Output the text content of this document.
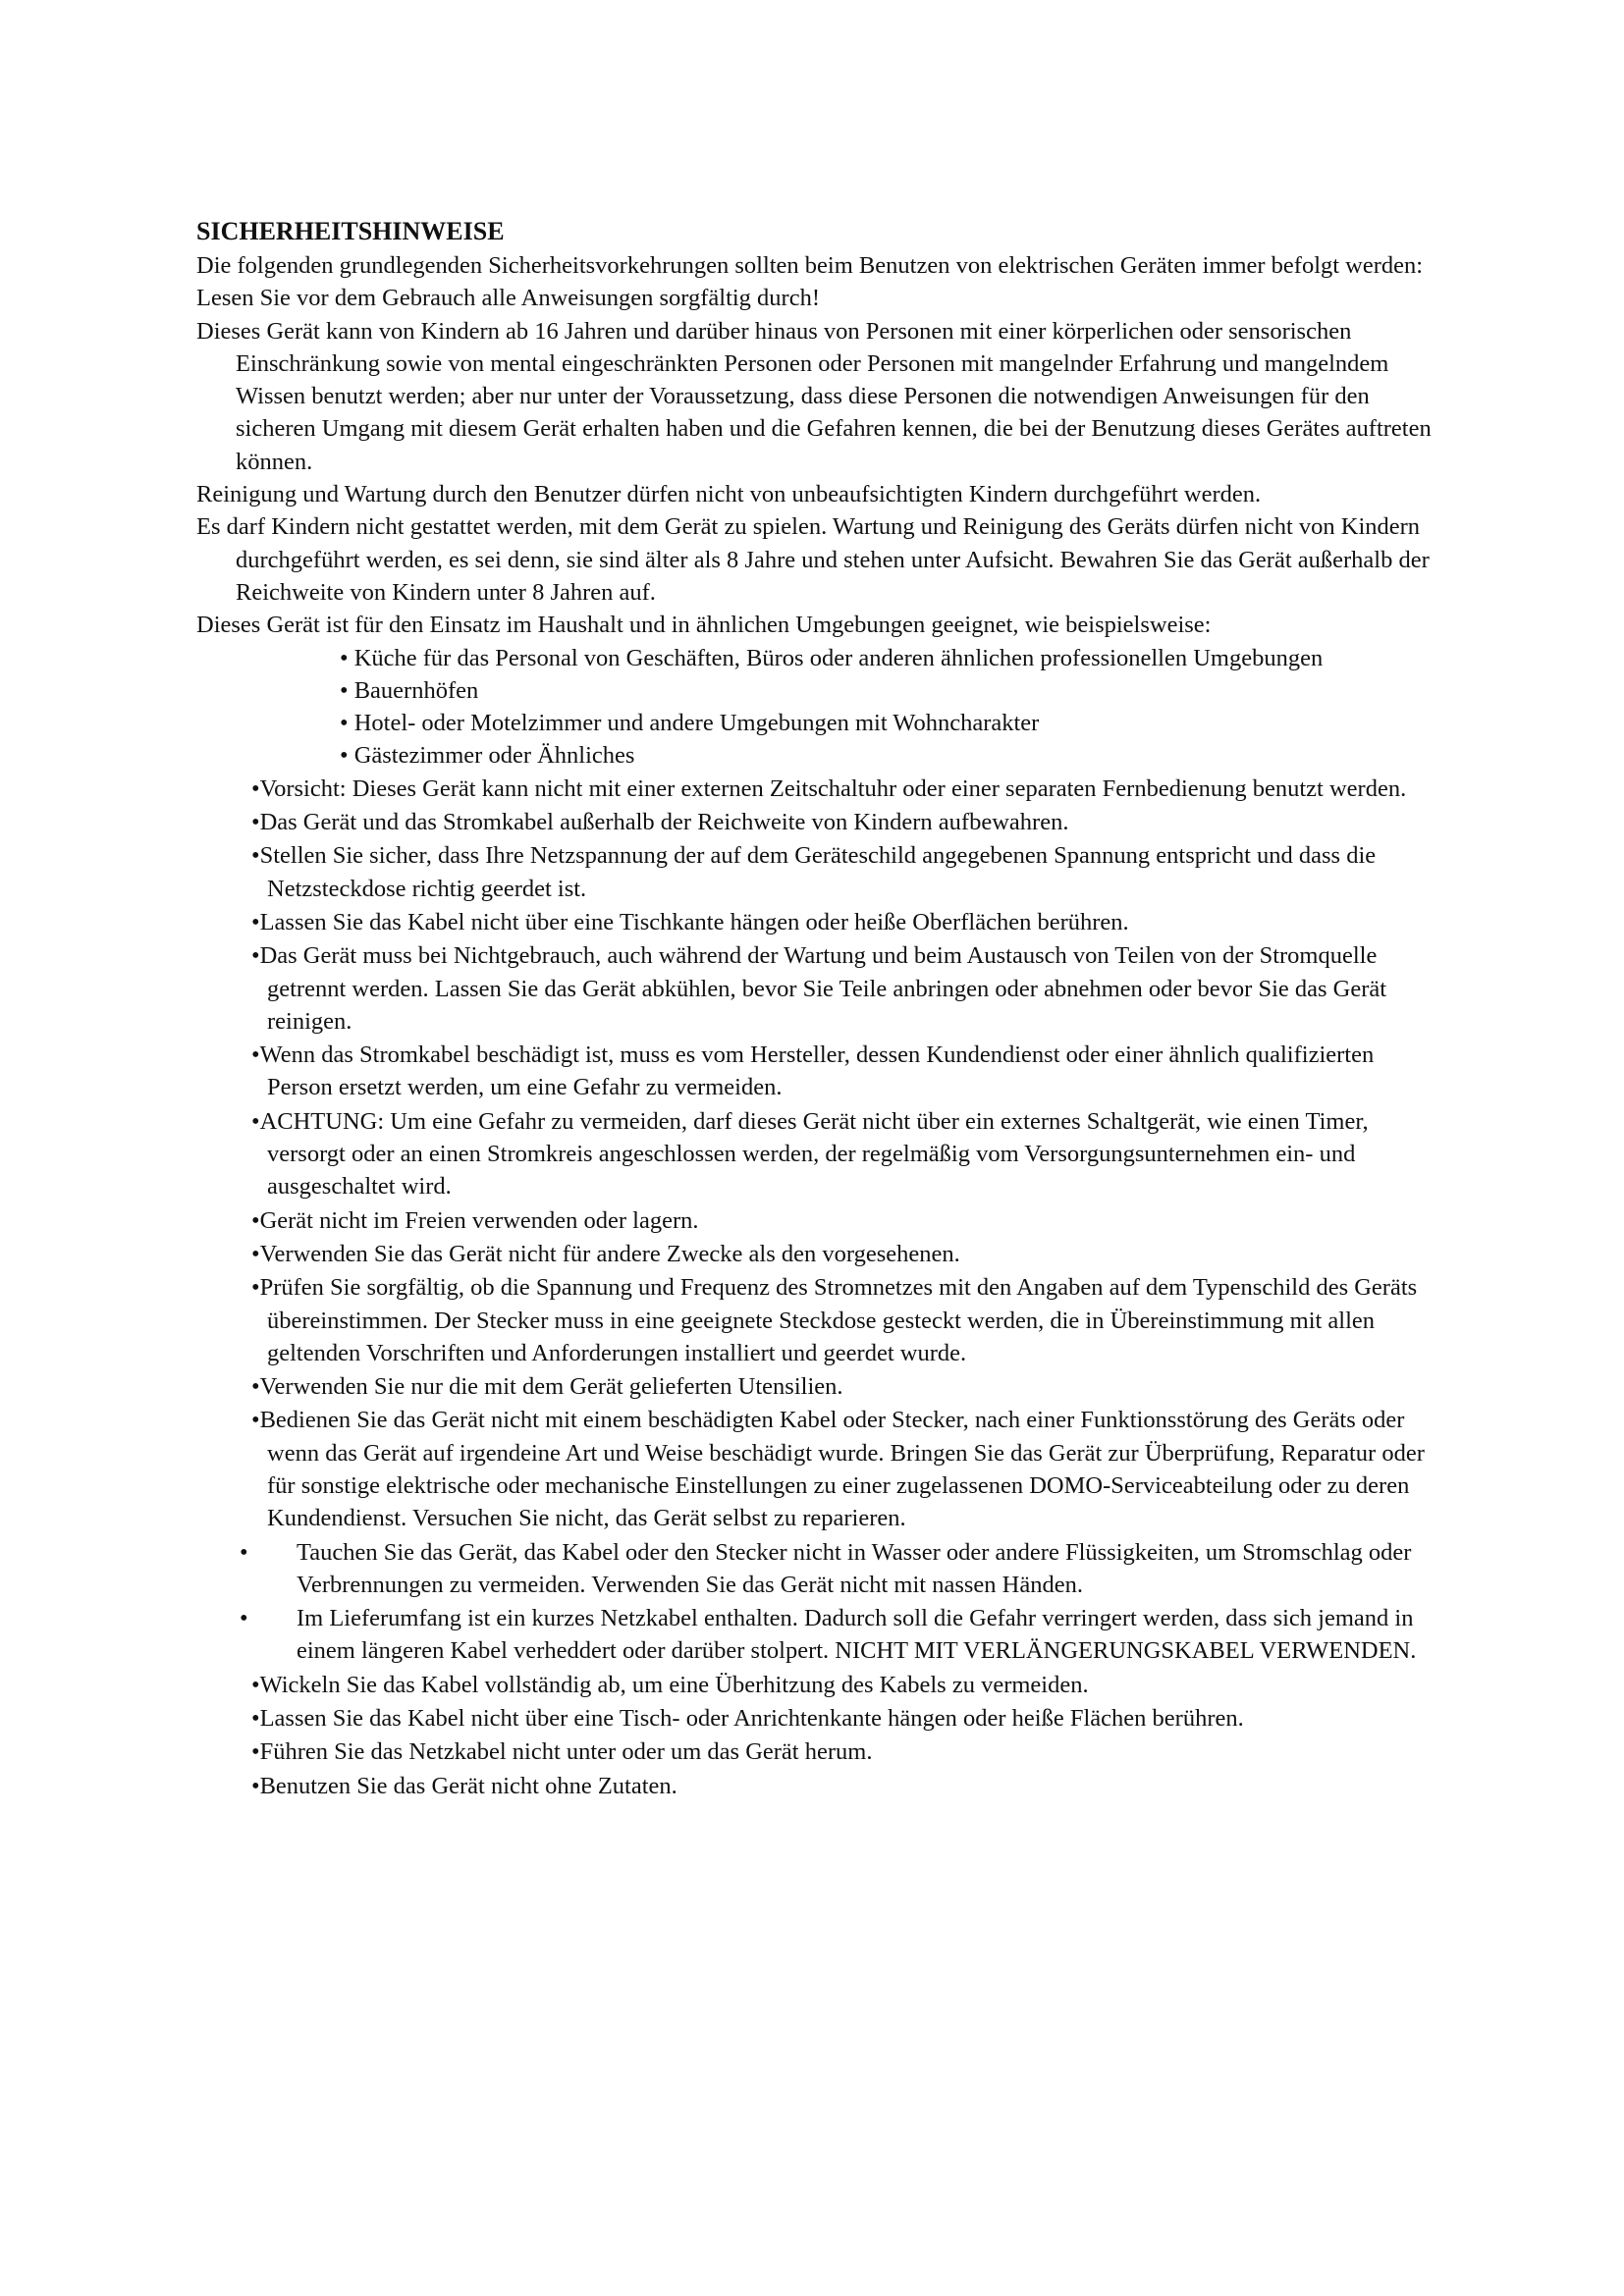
SICHERHEITSHINWEISE

Die folgenden grundlegenden Sicherheitsvorkehrungen sollten beim Benutzen von elektrischen Geräten immer befolgt werden:

Lesen Sie vor dem Gebrauch alle Anweisungen sorgfältig durch!

Dieses Gerät kann von Kindern ab 16 Jahren und darüber hinaus von Personen mit einer körperlichen oder sensorischen Einschränkung sowie von mental eingeschränkten Personen oder Personen mit mangelnder Erfahrung und mangelndem Wissen benutzt werden; aber nur unter der Voraussetzung, dass diese Personen die notwendigen Anweisungen für den sicheren Umgang mit diesem Gerät erhalten haben und die Gefahren kennen, die bei der Benutzung dieses Gerätes auftreten können.

Reinigung und Wartung durch den Benutzer dürfen nicht von unbeaufsichtigten Kindern durchgeführt werden.

Es darf Kindern nicht gestattet werden, mit dem Gerät zu spielen. Wartung und Reinigung des Geräts dürfen nicht von Kindern durchgeführt werden, es sei denn, sie sind älter als 8 Jahre und stehen unter Aufsicht. Bewahren Sie das Gerät außerhalb der Reichweite von Kindern unter 8 Jahren auf.

Dieses Gerät ist für den Einsatz im Haushalt und in ähnlichen Umgebungen geeignet, wie beispielsweise:

• Küche für das Personal von Geschäften, Büros oder anderen ähnlichen professionellen Umgebungen
• Bauernhöfen
• Hotel- oder Motelzimmer und andere Umgebungen mit Wohncharakter
• Gästezimmer oder Ähnliches
•Vorsicht: Dieses Gerät kann nicht mit einer externen Zeitschaltuhr oder einer separaten Fernbedienung benutzt werden.
•Das Gerät und das Stromkabel außerhalb der Reichweite von Kindern aufbewahren.
•Stellen Sie sicher, dass Ihre Netzspannung der auf dem Geräteschild angegebenen Spannung entspricht und dass die Netzsteckdose richtig geerdet ist.
•Lassen Sie das Kabel nicht über eine Tischkante hängen oder heiße Oberflächen berühren.
•Das Gerät muss bei Nichtgebrauch, auch während der Wartung und beim Austausch von Teilen von der Stromquelle getrennt werden. Lassen Sie das Gerät abkühlen, bevor Sie Teile anbringen oder abnehmen oder bevor Sie das Gerät reinigen.
•Wenn das Stromkabel beschädigt ist, muss es vom Hersteller, dessen Kundendienst oder einer ähnlich qualifizierten Person ersetzt werden, um eine Gefahr zu vermeiden.
•ACHTUNG: Um eine Gefahr zu vermeiden, darf dieses Gerät nicht über ein externes Schaltgerät, wie einen Timer, versorgt oder an einen Stromkreis angeschlossen werden, der regelmäßig vom Versorgungsunternehmen ein- und ausgeschaltet wird.
•Gerät nicht im Freien verwenden oder lagern.
•Verwenden Sie das Gerät nicht für andere Zwecke als den vorgesehenen.
•Prüfen Sie sorgfältig, ob die Spannung und Frequenz des Stromnetzes mit den Angaben auf dem Typenschild des Geräts übereinstimmen. Der Stecker muss in eine geeignete Steckdose gesteckt werden, die in Übereinstimmung mit allen geltenden Vorschriften und Anforderungen installiert und geerdet wurde.
•Verwenden Sie nur die mit dem Gerät gelieferten Utensilien.
•Bedienen Sie das Gerät nicht mit einem beschädigten Kabel oder Stecker, nach einer Funktionsstörung des Geräts oder wenn das Gerät auf irgendeine Art und Weise beschädigt wurde. Bringen Sie das Gerät zur Überprüfung, Reparatur oder für sonstige elektrische oder mechanische Einstellungen zu einer zugelassenen DOMO-Serviceabteilung oder zu deren Kundendienst. Versuchen Sie nicht, das Gerät selbst zu reparieren.
•	Tauchen Sie das Gerät, das Kabel oder den Stecker nicht in Wasser oder andere Flüssigkeiten, um Stromschlag oder Verbrennungen zu vermeiden. Verwenden Sie das Gerät nicht mit nassen Händen.
•	Im Lieferumfang ist ein kurzes Netzkabel enthalten. Dadurch soll die Gefahr verringert werden, dass sich jemand in einem längeren Kabel verheddert oder darüber stolpert. NICHT MIT VERLÄNGERUNGSKABEL VERWENDEN.
•Wickeln Sie das Kabel vollständig ab, um eine Überhitzung des Kabels zu vermeiden.
•Lassen Sie das Kabel nicht über eine Tisch- oder Anrichtenkante hängen oder heiße Flächen berühren.
•Führen Sie das Netzkabel nicht unter oder um das Gerät herum.
•Benutzen Sie das Gerät nicht ohne Zutaten.
